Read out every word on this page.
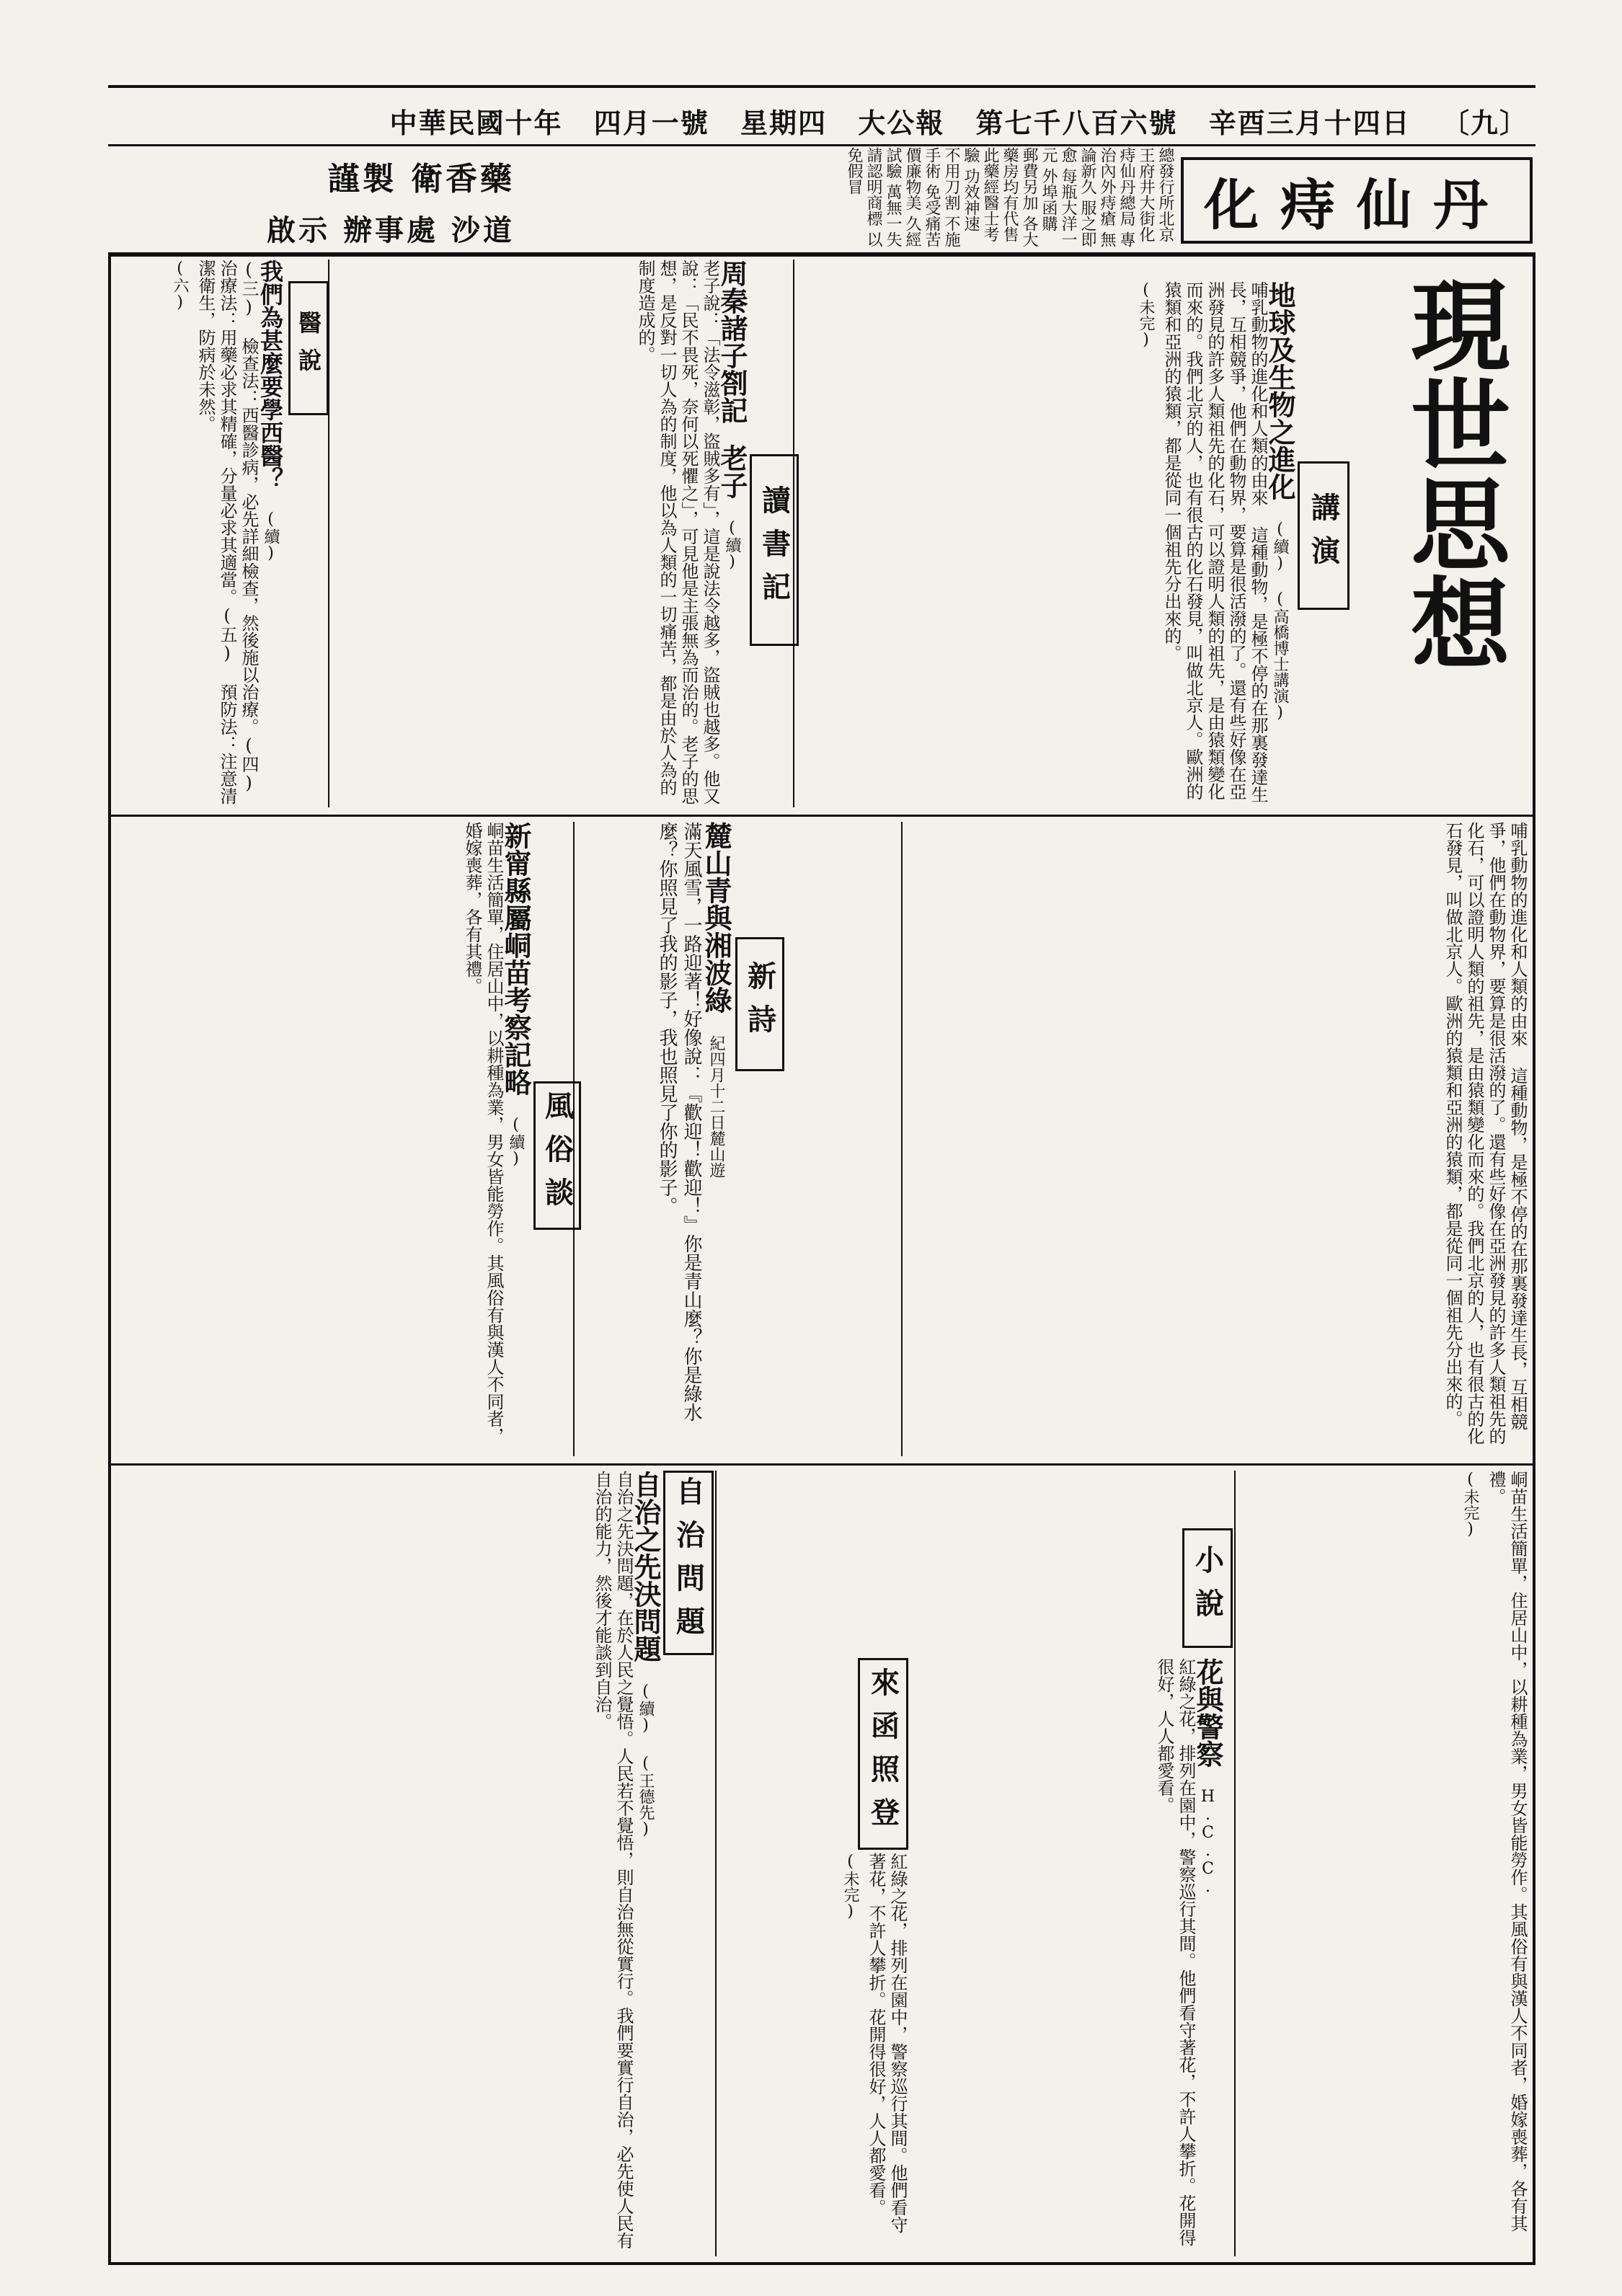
中華民國十年 四月一號 星期四 大公報 第七千八百六號 辛酉三月十四日 〔九〕
化痔仙丹
總發行所北京王府井大街化痔仙丹總局 專治內外痔瘡 無論新久 服之即愈 每瓶大洋一元 外埠函購 郵費另加 各大藥房均有代售 此藥經醫士考驗 功效神速 不用刀割 不施手術 免受痛苦 價廉物美 久經試驗 萬無一失 請認明商標 以免假冒
謹製 衛香藥
啟示 辦事處 沙道
現世思想
講演
地球及生物之進化 (續) (高橋博士講演)

哺乳動物的進化和人類的由來 這種動物，是極不停的在那裏發達生長，互相競爭，他們在動物界，要算是很活潑的了。還有些好像在亞洲發見的許多人類祖先的化石，可以證明人類的祖先，是由猿類變化而來的。我們北京的人，也有很古的化石發見，叫做北京人。歐洲的猿類和亞洲的猿類，都是從同一個祖先分出來的。

(未完)

讀書記
周秦諸子劄記 老子 (續)

老子說：「法令滋彰，盜賊多有」，這是說法令越多，盜賊也越多。他又說：「民不畏死，奈何以死懼之」，可見他是主張無為而治的。老子的思想，是反對一切人為的制度，他以為人類的一切痛苦，都是由於人為的制度造成的。

醫說
我們為甚麼要學西醫？ (續)

(三) 檢查法：西醫診病，必先詳細檢查，然後施以治療。(四) 治療法：用藥必求其精確，分量必求其適當。(五) 預防法：注意清潔衛生，防病於未然。

(六)

哺乳動物的進化和人類的由來 這種動物，是極不停的在那裏發達生長，互相競爭，他們在動物界，要算是很活潑的了。還有些好像在亞洲發見的許多人類祖先的化石，可以證明人類的祖先，是由猿類變化而來的。我們北京的人，也有很古的化石發見，叫做北京人。歐洲的猿類和亞洲的猿類，都是從同一個祖先分出來的。

新詩
麓山青與湘波綠 紀四月十二日麓山遊

滿天風雪，一路迎著！好像說：『歡迎！歡迎！』你是青山麼？你是綠水麼？你照見了我的影子，我也照見了你的影子。

風俗談
新甯縣屬峒苗考察記略 (續)

峒苗生活簡單，住居山中，以耕種為業，男女皆能勞作。其風俗有與漢人不同者，婚嫁喪葬，各有其禮。

峒苗生活簡單，住居山中，以耕種為業，男女皆能勞作。其風俗有與漢人不同者，婚嫁喪葬，各有其禮。

(未完)

小說
花與警察 H.C.C.

紅綠之花，排列在園中，警察巡行其間。他們看守著花，不許人攀折。花開得很好，人人都愛看。

來函照登

紅綠之花，排列在園中，警察巡行其間。他們看守著花，不許人攀折。花開得很好，人人都愛看。

(未完)

自治問題
自治之先決問題 (續) (王德先)

自治之先決問題，在於人民之覺悟。人民若不覺悟，則自治無從實行。我們要實行自治，必先使人民有自治的能力，然後才能談到自治。
